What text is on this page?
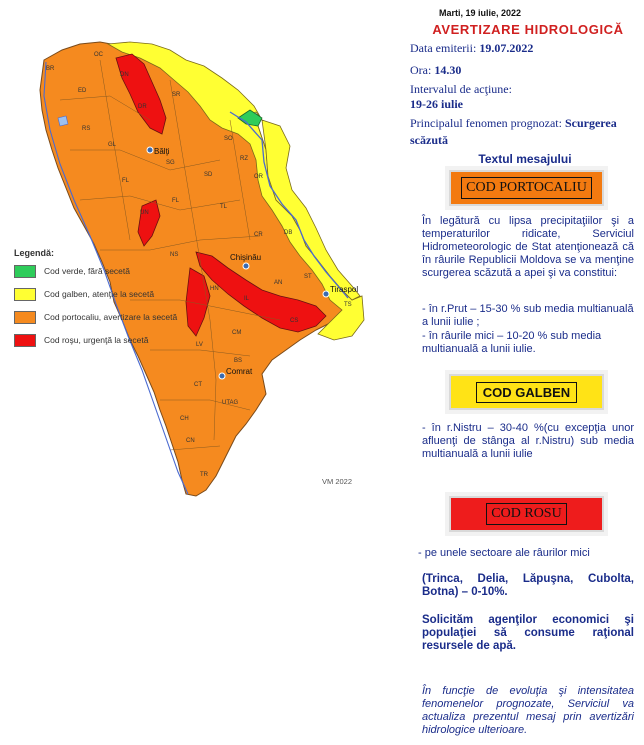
Bălţi
Chişinău
Tiraspol
Comrat
BR
OC
ED
DN
SR
RS
DR
FL
GL
SG
SO
FL
RZ
SD
TL
OR
UN
CR	DB
NS
HN
IL
AN
CS
ST
TS
LV
CM
CT
BS
UTAG
CH
CN
TR
Legendă:
Cod verde, fără secetă
Cod galben, atenţie la secetă
Cod portocaliu, avertizare la secetă
Cod roşu, urgenţă la secetă
VM 2022
Marti, 19 iulie, 2022
AVERTIZARE HIDROLOGICĂ
Data emiterii: 19.07.2022
Ora: 14.30
Intervalul de acţiune:
19-26 iulie
Principalul fenomen prognozat: Scurgerea
scăzută
Textul mesajului
COD PORTOCALIU
În legătură cu lipsa precipitaţiilor şi a temperaturilor ridicate, Serviciul Hidrometeorologic de Stat atenţionează că în râurile Republicii Moldova se va menţine scurgerea scăzută a apei şi va constitui:
- în r.Prut – 15-30 % sub media multianuală a lunii iulie ;
- în râurile mici – 10-20 % sub media multianuală a lunii iulie.
COD GALBEN
- în r.Nistru – 30-40 %(cu excepţia unor afluenţi de stânga al r.Nistru) sub media multianuală a lunii iulie
COD ROSU
- pe unele sectoare ale râurilor mici
(Trinca, Delia, Lăpuşna, Cubolta, Botna) – 0-10%.
Solicităm agenţilor economici şi populaţiei să consume raţional resursele de apă.
În funcţie de evoluţia şi intensitatea fenomenelor prognozate, Serviciul va actualiza prezentul mesaj prin avertizări hidrologice ulterioare.
